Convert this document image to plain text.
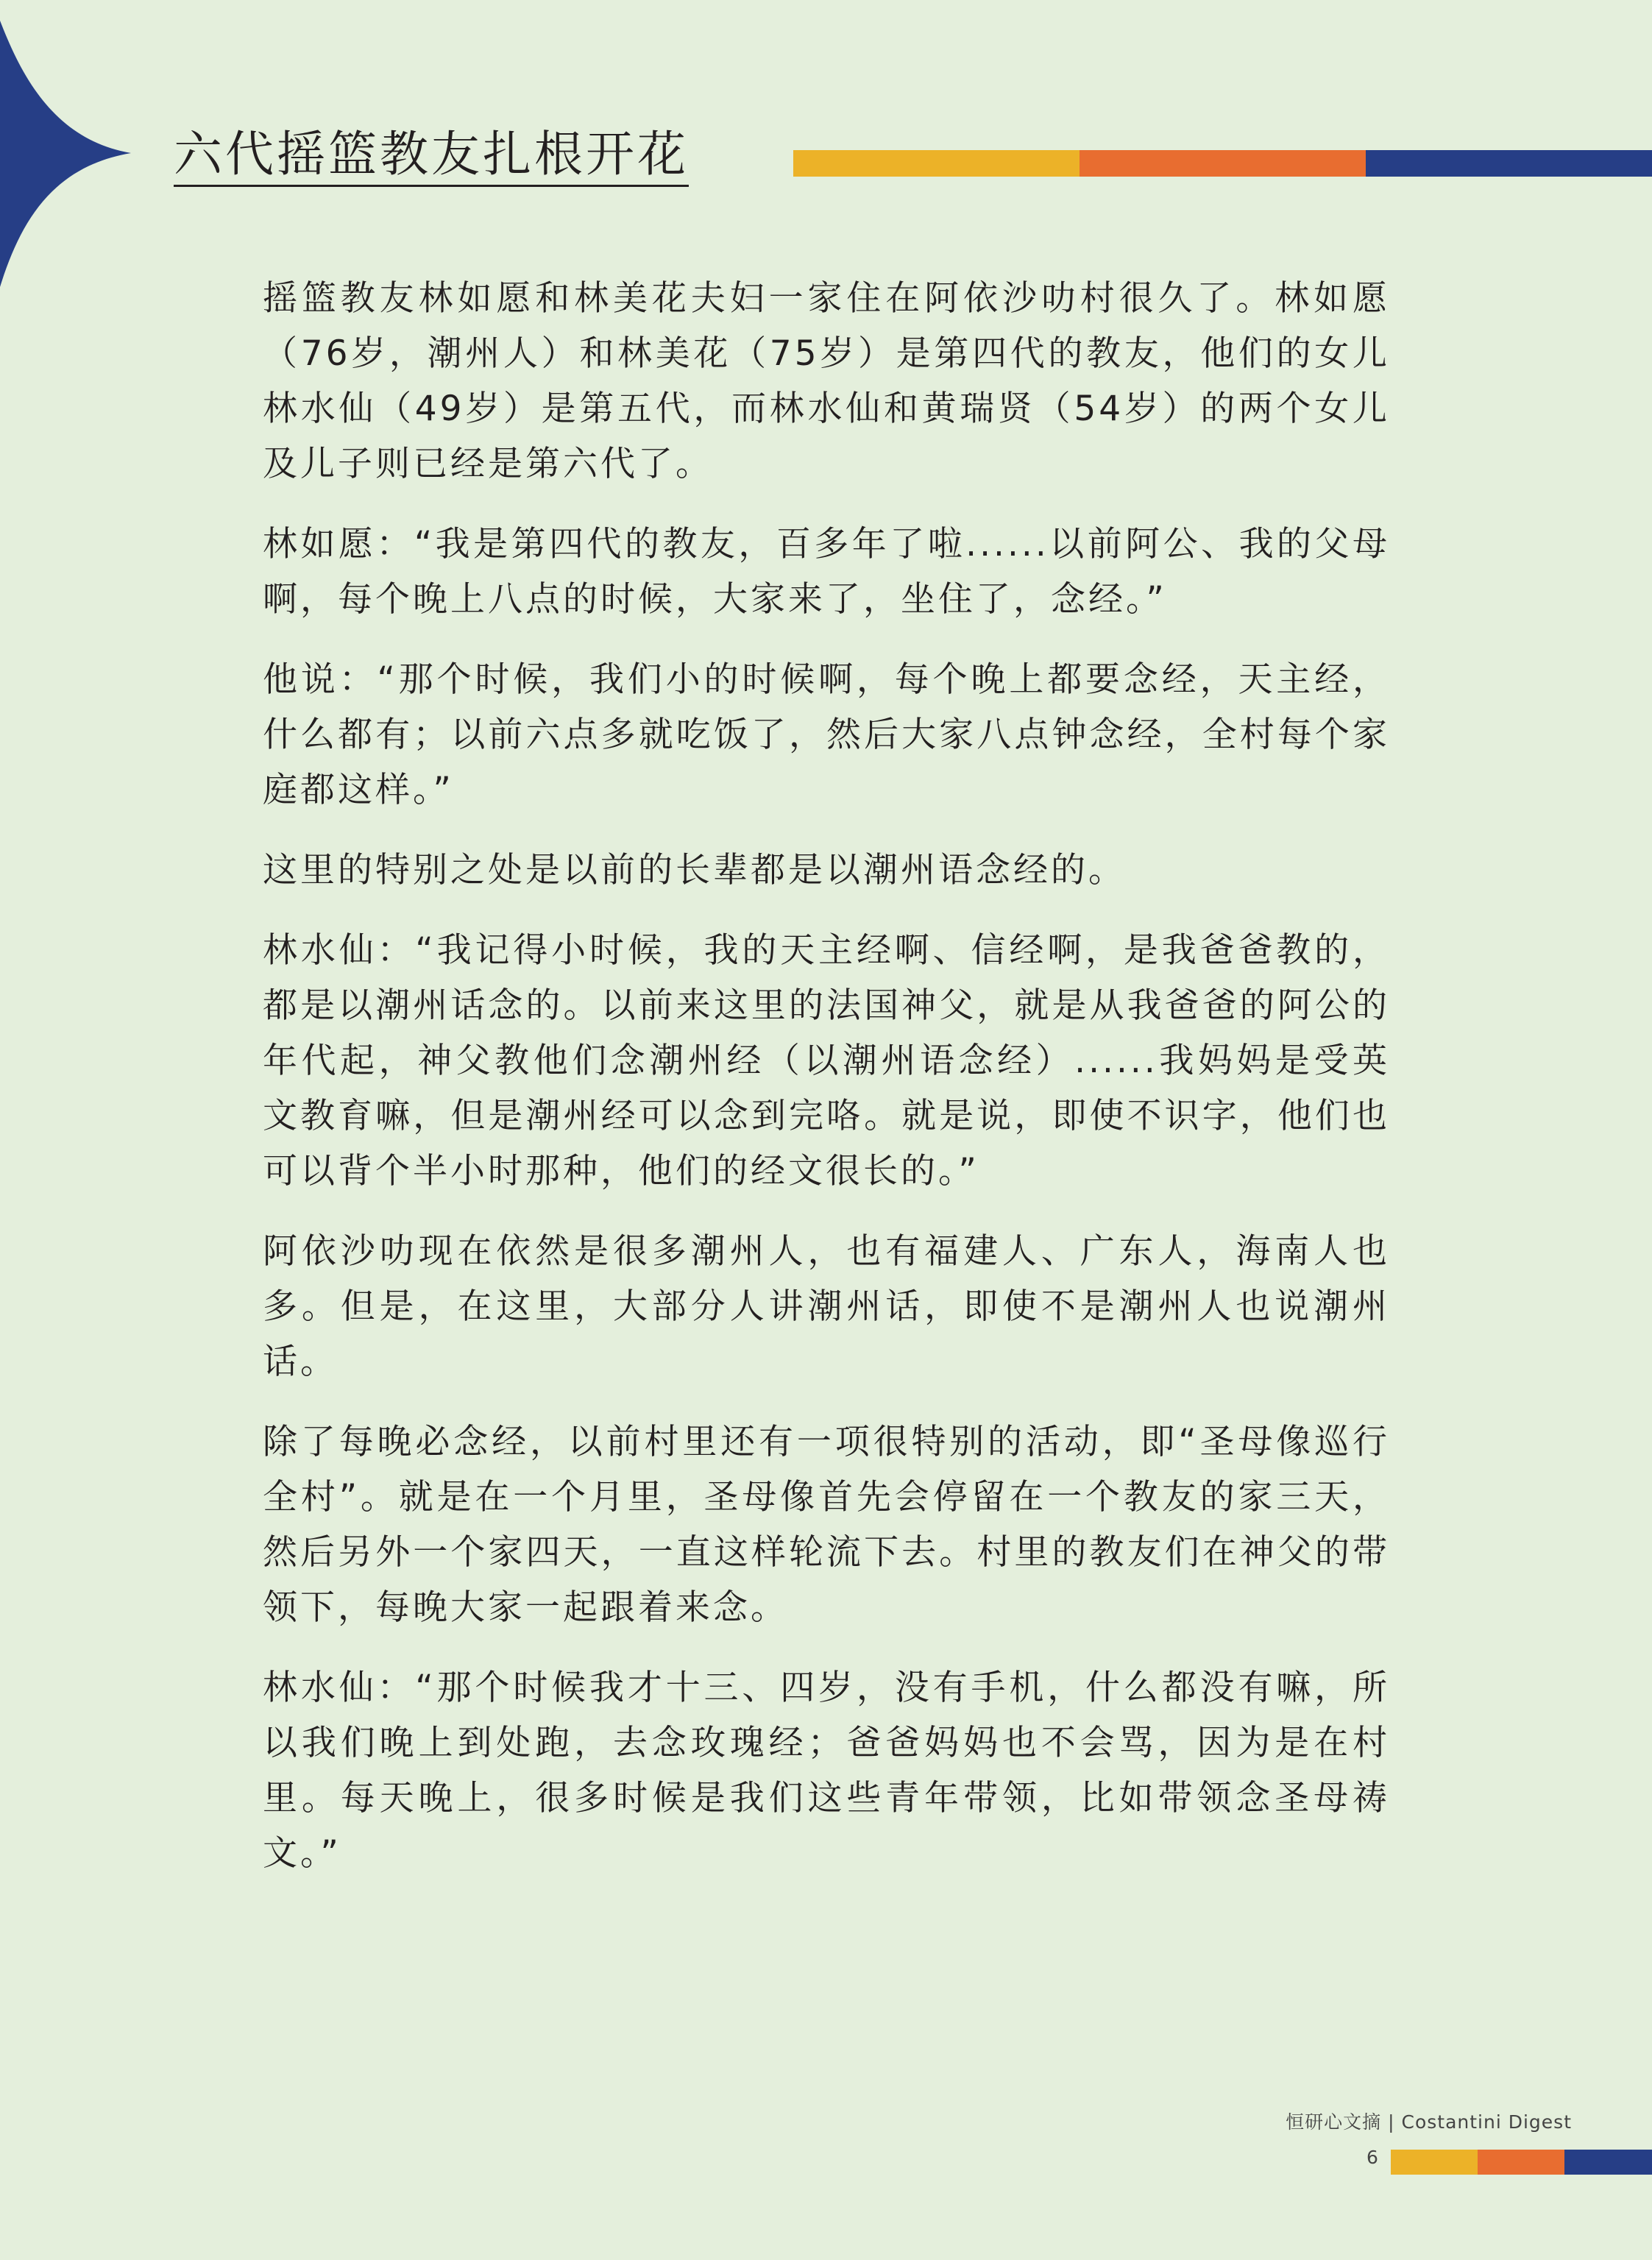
六代摇篮教友扎根开花

摇篮教友林如愿和林美花夫妇一家住在阿依沙叻村很久了。林如愿（76岁，潮州人）和林美花（75岁）是第四代的教友，他们的女儿林水仙（49岁）是第五代，而林水仙和黄瑞贤（54岁）的两个女儿及儿子则已经是第六代了。

林如愿：“我是第四代的教友，百多年了啦......以前阿公、我的父母啊，每个晚上八点的时候，大家来了，坐住了，念经。”

他说：“那个时候，我们小的时候啊，每个晚上都要念经，天主经，什么都有；以前六点多就吃饭了，然后大家八点钟念经，全村每个家庭都这样。”

这里的特别之处是以前的长辈都是以潮州语念经的。

林水仙：“我记得小时候，我的天主经啊、信经啊，是我爸爸教的，都是以潮州话念的。以前来这里的法国神父，就是从我爸爸的阿公的年代起，神父教他们念潮州经（以潮州语念经）......我妈妈是受英文教育嘛，但是潮州经可以念到完咯。就是说，即使不识字，他们也可以背个半小时那种，他们的经文很长的。”

阿依沙叻现在依然是很多潮州人，也有福建人、广东人，海南人也多。但是，在这里，大部分人讲潮州话，即使不是潮州人也说潮州话。

除了每晚必念经，以前村里还有一项很特别的活动，即“圣母像巡行全村”。就是在一个月里，圣母像首先会停留在一个教友的家三天，然后另外一个家四天，一直这样轮流下去。村里的教友们在神父的带领下，每晚大家一起跟着来念。

林水仙：“那个时候我才十三、四岁，没有手机，什么都没有嘛，所以我们晚上到处跑，去念玫瑰经；爸爸妈妈也不会骂，因为是在村里。每天晚上，很多时候是我们这些青年带领，比如带领念圣母祷文。”

恒研心文摘 | Costantini Digest
6
